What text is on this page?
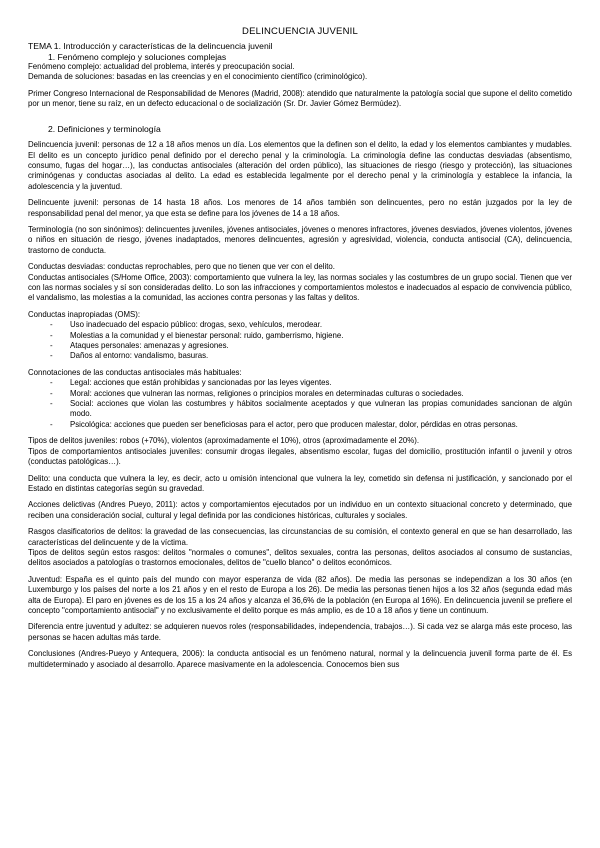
DELINCUENCIA JUVENIL

TEMA 1. Introducción y características de la delincuencia juvenil

1. Fenómeno complejo y soluciones complejas

Fenómeno complejo: actualidad del problema, interés y preocupación social.

Demanda de soluciones: basadas en las creencias y en el conocimiento científico (criminológico).

Primer Congreso Internacional de Responsabilidad de Menores (Madrid, 2008): atendido que naturalmente la patología social que supone el delito cometido por un menor, tiene su raíz, en un defecto educacional o de socialización (Sr. Dr. Javier Gómez Bermúdez).

2. Definiciones y terminología

Delincuencia juvenil: personas de 12 a 18 años menos un día. Los elementos que la definen son el delito, la edad y los elementos cambiantes y mudables. El delito es un concepto jurídico penal definido por el derecho penal y la criminología. La criminología define las conductas desviadas (absentismo, consumo, fugas del hogar…), las conductas antisociales (alteración del orden público), las situaciones de riesgo (riesgo y protección), las situaciones criminógenas y conductas asociadas al delito. La edad es establecida legalmente por el derecho penal y la criminología y establece la infancia, la adolescencia y la juventud.

Delincuente juvenil: personas de 14 hasta 18 años. Los menores de 14 años también son delincuentes, pero no están juzgados por la ley de responsabilidad penal del menor, ya que esta se define para los jóvenes de 14 a 18 años.

Terminología (no son sinónimos): delincuentes juveniles, jóvenes antisociales, jóvenes o menores infractores, jóvenes desviados, jóvenes violentos, jóvenes o niños en situación de riesgo, jóvenes inadaptados, menores delincuentes, agresión y agresividad, violencia, conducta antisocial (CA), delincuencia, trastorno de conducta.

Conductas desviadas: conductas reprochables, pero que no tienen que ver con el delito.

Conductas antisociales (S/Home Office, 2003): comportamiento que vulnera la ley, las normas sociales y las costumbres de un grupo social. Tienen que ver con las normas sociales y sí son consideradas delito. Lo son las infracciones y comportamientos molestos e inadecuados al espacio de convivencia público, el vandalismo, las molestias a la comunidad, las acciones contra personas y las faltas y delitos.

Conductas inapropiadas (OMS):

- Uso inadecuado del espacio público: drogas, sexo, vehículos, merodear.
- Molestias a la comunidad y el bienestar personal: ruido, gamberrismo, higiene.
- Ataques personales: amenazas y agresiones.
- Daños al entorno: vandalismo, basuras.

Connotaciones de las conductas antisociales más habituales:

- Legal: acciones que están prohibidas y sancionadas por las leyes vigentes.
- Moral: acciones que vulneran las normas, religiones o principios morales en determinadas culturas o sociedades.
- Social: acciones que violan las costumbres y hábitos socialmente aceptados y que vulneran las propias comunidades sancionan de algún modo.
- Psicológica: acciones que pueden ser beneficiosas para el actor, pero que producen malestar, dolor, pérdidas en otras personas.

Tipos de delitos juveniles: robos (+70%), violentos (aproximadamente el 10%), otros (aproximadamente el 20%).

Tipos de comportamientos antisociales juveniles: consumir drogas ilegales, absentismo escolar, fugas del domicilio, prostitución infantil o juvenil y otros (conductas patológicas…).

Delito: una conducta que vulnera la ley, es decir, acto u omisión intencional que vulnera la ley, cometido sin defensa ni justificación, y sancionado por el Estado en distintas categorías según su gravedad.

Acciones delictivas (Andres Pueyo, 2011): actos y comportamientos ejecutados por un individuo en un contexto situacional concreto y determinado, que reciben una consideración social, cultural y legal definida por las condiciones históricas, culturales y sociales.

Rasgos clasificatorios de delitos: la gravedad de las consecuencias, las circunstancias de su comisión, el contexto general en que se han desarrollado, las características del delincuente y de la víctima.

Tipos de delitos según estos rasgos: delitos "normales o comunes", delitos sexuales, contra las personas, delitos asociados al consumo de sustancias, delitos asociados a patologías o trastornos emocionales, delitos de "cuello blanco" o delitos económicos.

Juventud: España es el quinto país del mundo con mayor esperanza de vida (82 años). De media las personas se independizan a los 30 años (en Luxemburgo y los países del norte a los 21 años y en el resto de Europa a los 26). De media las personas tienen hijos a los 32 años (segunda edad más alta de Europa). El paro en jóvenes es de los 15 a los 24 años y alcanza el 36,6% de la población (en Europa al 16%). En delincuencia juvenil se prefiere el concepto "comportamiento antisocial" y no exclusivamente el delito porque es más amplio, es de 10 a 18 años y tiene un continuum.

Diferencia entre juventud y adultez: se adquieren nuevos roles (responsabilidades, independencia, trabajos…). Si cada vez se alarga más este proceso, las personas se hacen adultas más tarde.

Conclusiones (Andres-Pueyo y Antequera, 2006): la conducta antisocial es un fenómeno natural, normal y la delincuencia juvenil forma parte de él. Es multideterminado y asociado al desarrollo. Aparece masivamente en la adolescencia. Conocemos bien sus
